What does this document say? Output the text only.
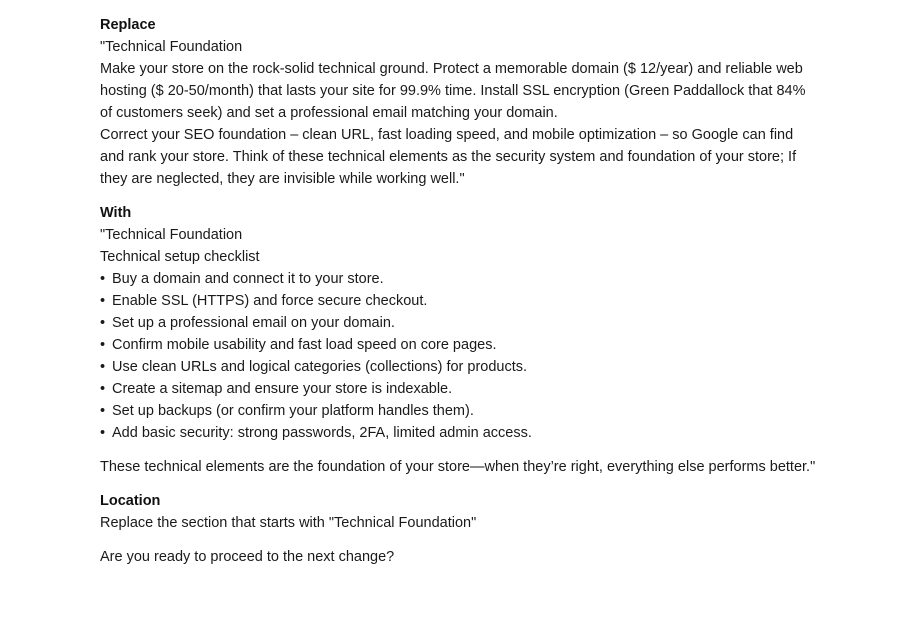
Replace
"Technical Foundation
Make your store on the rock-solid technical ground. Protect a memorable domain ($ 12/year) and reliable web hosting ($ 20-50/month) that lasts your site for 99.9% time. Install SSL encryption (Green Paddallock that 84% of customers seek) and set a professional email matching your domain.
Correct your SEO foundation – clean URL, fast loading speed, and mobile optimization – so Google can find and rank your store. Think of these technical elements as the security system and foundation of your store; If they are neglected, they are invisible while working well."
With
"Technical Foundation
Technical setup checklist
• Buy a domain and connect it to your store.
• Enable SSL (HTTPS) and force secure checkout.
• Set up a professional email on your domain.
• Confirm mobile usability and fast load speed on core pages.
• Use clean URLs and logical categories (collections) for products.
• Create a sitemap and ensure your store is indexable.
• Set up backups (or confirm your platform handles them).
• Add basic security: strong passwords, 2FA, limited admin access.
These technical elements are the foundation of your store—when they’re right, everything else performs better."
Location
Replace the section that starts with "Technical Foundation"
Are you ready to proceed to the next change?
